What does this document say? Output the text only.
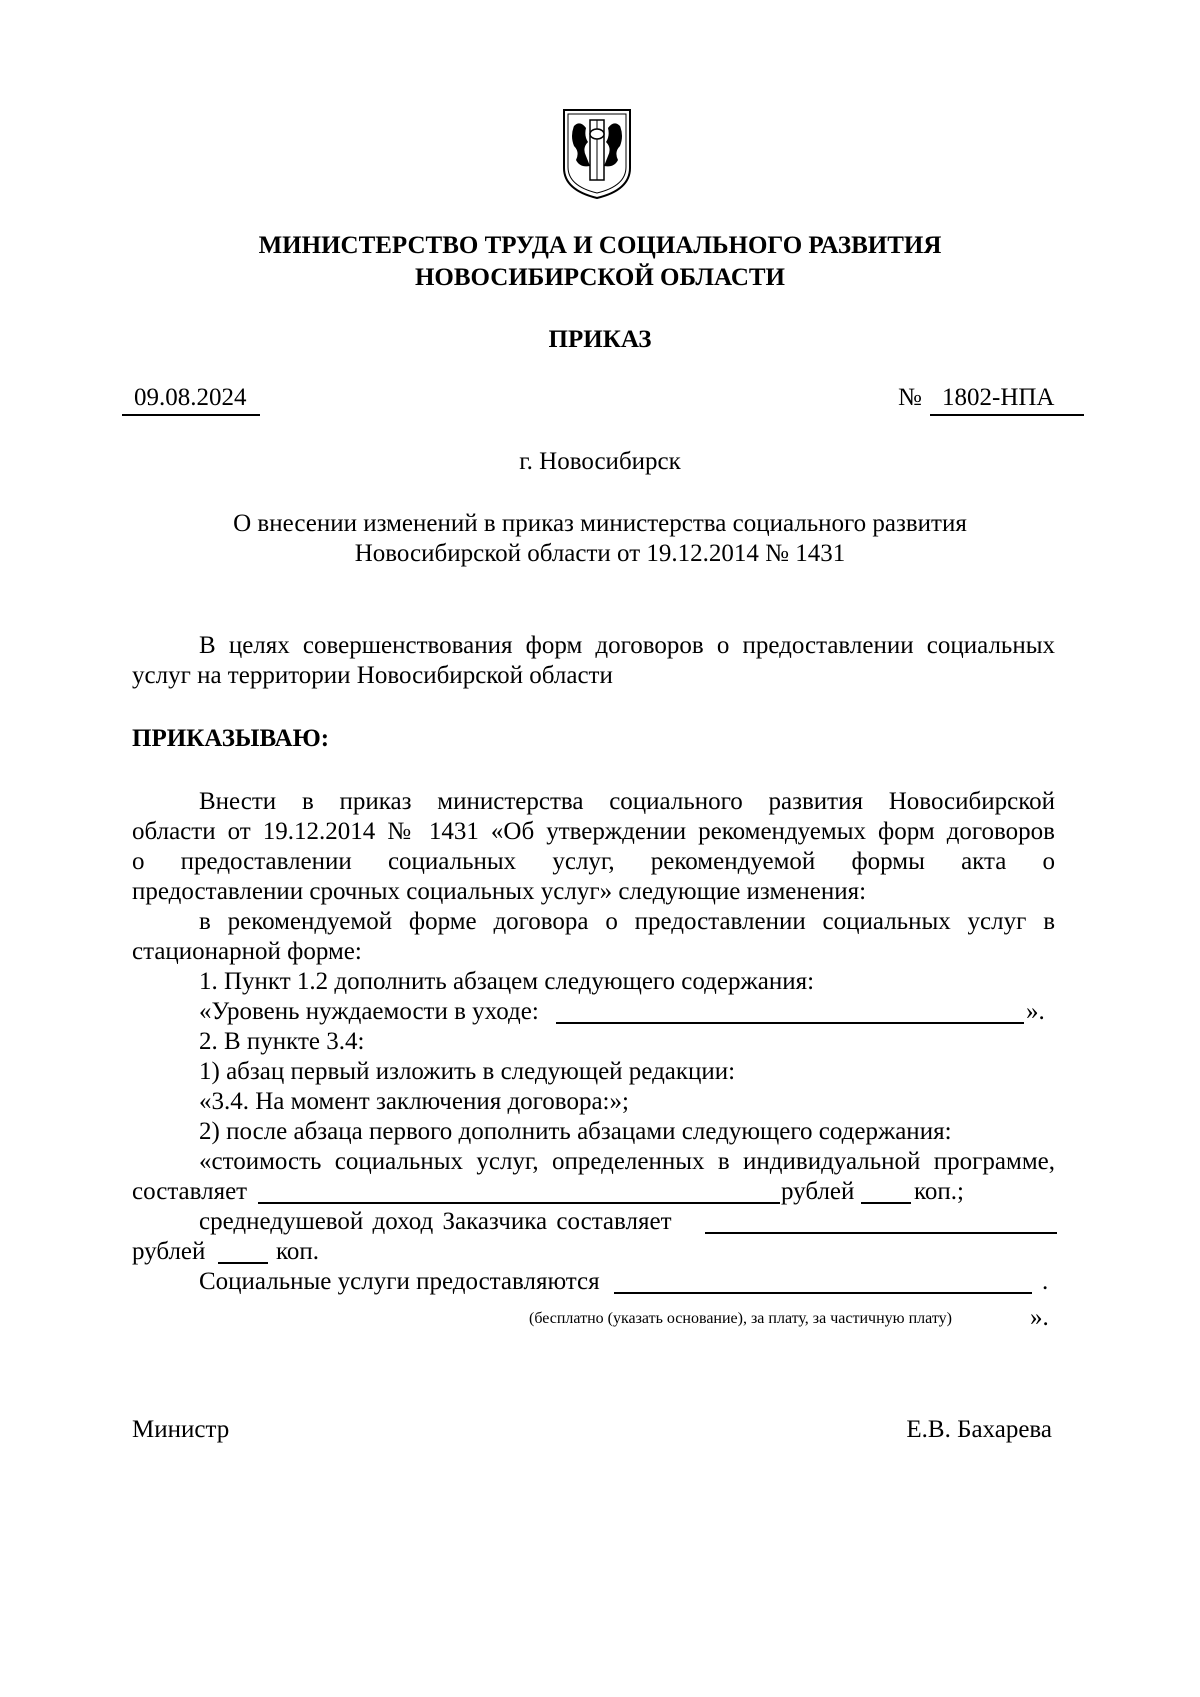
МИНИСТЕРСТВО ТРУДА И СОЦИАЛЬНОГО РАЗВИТИЯ
НОВОСИБИРСКОЙ ОБЛАСТИ
ПРИКАЗ
09.08.2024	№ 1802-НПА
г. Новосибирск
О внесении изменений в приказ министерства социального развития
Новосибирской области от 19.12.2014 № 1431
В целях совершенствования форм договоров о предоставлении социальных
услуг на территории Новосибирской области
ПРИКАЗЫВАЮ:
Внести в приказ министерства социального развития Новосибирской
области от 19.12.2014 № 1431 «Об утверждении рекомендуемых форм договоров
о предоставлении социальных услуг, рекомендуемой формы акта о
предоставлении срочных социальных услуг» следующие изменения:
в рекомендуемой форме договора о предоставлении социальных услуг в
стационарной форме:
1. Пункт 1.2 дополнить абзацем следующего содержания:
«Уровень нуждаемости в уходе:	».
2. В пункте 3.4:
1) абзац первый изложить в следующей редакции:
«3.4. На момент заключения договора:»;
2) после абзаца первого дополнить абзацами следующего содержания:
«стоимость социальных услуг, определенных в индивидуальной программе,
составляет	рублей коп.;
среднедушевой доход Заказчика составляет
рублей	коп.
Социальные услуги предоставляются	.
(бесплатно (указать основание), за плату, за частичную плату)	».
Министр	Е.В. Бахарева
